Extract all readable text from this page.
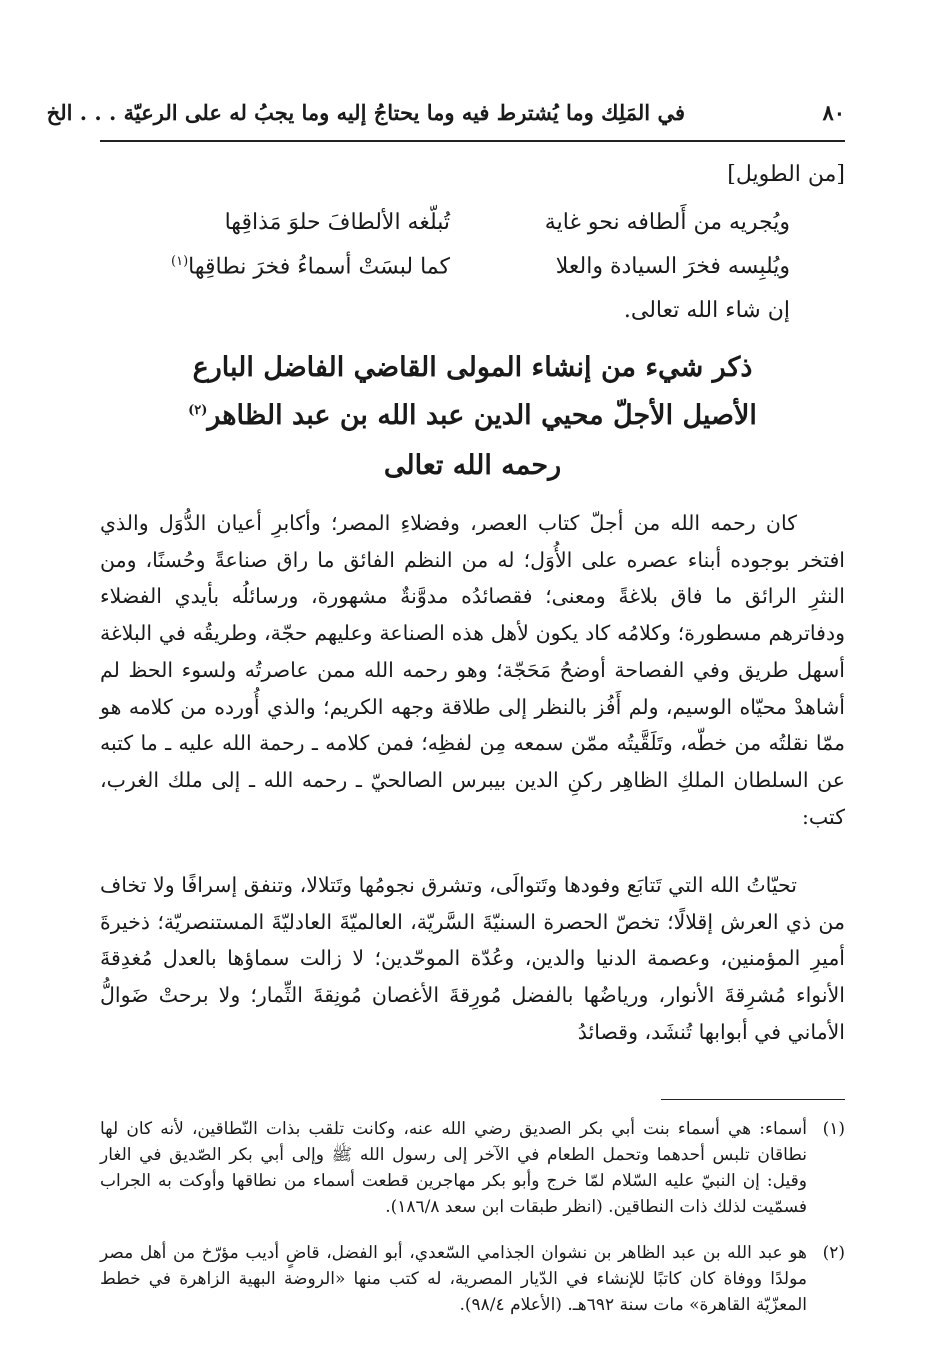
٨٠
في المَلِك وما يُشترط فيه وما يحتاجُ إليه وما يجبُ له على الرعيّة . . . الخ
[من الطويل]
ويُجريه من أَلطافه نحو غاية
تُبلّغه الألطافَ حلوَ مَذاقِها
ويُلبِسه فخرَ السيادة والعلا
كما لبسَتْ أسماءُ فخرَ نطاقِها$^{(١)}$
إن شاء الله تعالى.
ذكر شيء من إنشاء المولى القاضي الفاضل البارع
الأصيل الأجلّ محيي الدين عبد الله بن عبد الظاهر$^{(٢)}$
رحمه الله تعالى

كان رحمه الله من أجلّ كتاب العصر، وفضلاءِ المصر؛ وأكابرِ أعيان الدُّوَل والذي افتخر بوجوده أبناء عصره على الأُوَل؛ له من النظم الفائق ما راق صناعةً وحُسنًا، ومن النثرِ الرائق ما فاق بلاغةً ومعنى؛ فقصائدُه مدوَّنةٌ مشهورة، ورسائلُه بأيدي الفضلاء ودفاترهم مسطورة؛ وكلامُه كاد يكون لأهل هذه الصناعة وعليهم حجّة، وطريقُه في البلاغة أسهل طريق وفي الفصاحة أوضحُ مَحَجّة؛ وهو رحمه الله ممن عاصرتُه ولسوء الحظ لم أشاهدْ محيّاه الوسيم، ولم أَفُز بالنظر إلى طلاقة وجهه الكريم؛ والذي أُورده من كلامه هو ممّا نقلتُه من خطّه، وتَلَقَّيتُه ممّن سمعه مِن لفظِه؛ فمن كلامه ـ رحمة الله عليه ـ ما كتبه عن السلطان الملكِ الظاهِر ركنِ الدين بيبرس الصالحيّ ـ رحمه الله ـ إلى ملك الغرب، كتب:

تحيّاتُ الله التي تَتابَع وفودها وتَتوالَى، وتشرق نجومُها وتَتلالا، وتنفق إسرافًا ولا تخاف من ذي العرش إقلالًا؛ تخصّ الحصرة السنيّةَ السَّريّة، العالميّةَ العادليّةَ المستنصريّة؛ ذخيرةَ أميرِ المؤمنين، وعصمة الدنيا والدين، وعُدّة الموحّدين؛ لا زالت سماؤها بالعدل مُغدِقةَ الأنواء مُشرِقةَ الأنوار، ورياضُها بالفضل مُورِقةَ الأغصان مُونِقةَ الثِّمار؛ ولا برحتْ ضَوالُّ الأماني في أبوابها تُنشَد، وقصائدُ

(١)
أسماء: هي أسماء بنت أبي بكر الصديق رضي الله عنه، وكانت تلقب بذات النّطاقين، لأنه كان لها نطاقان تلبس أحدهما وتحمل الطعام في الآخر إلى رسول الله ﷺ وإلى أبي بكر الصّديق في الغار وقيل: إن النبيّ عليه السّلام لمّا خرج وأبو بكر مهاجرين قطعت أسماء من نطاقها وأوكت به الجراب فسمّيت لذلك ذات النطاقين. (انظر طبقات ابن سعد ١٨٦/٨).
(٢)
هو عبد الله بن عبد الظاهر بن نشوان الجذامي السّعدي، أبو الفضل، قاضٍ أديب مؤرّخ من أهل مصر مولدًا ووفاة كان كاتبًا للإنشاء في الدّيار المصرية، له كتب منها «الروضة البهية الزاهرة في خطط المعزّيّة القاهرة» مات سنة ٦٩٢هـ. (الأعلام ٩٨/٤).
